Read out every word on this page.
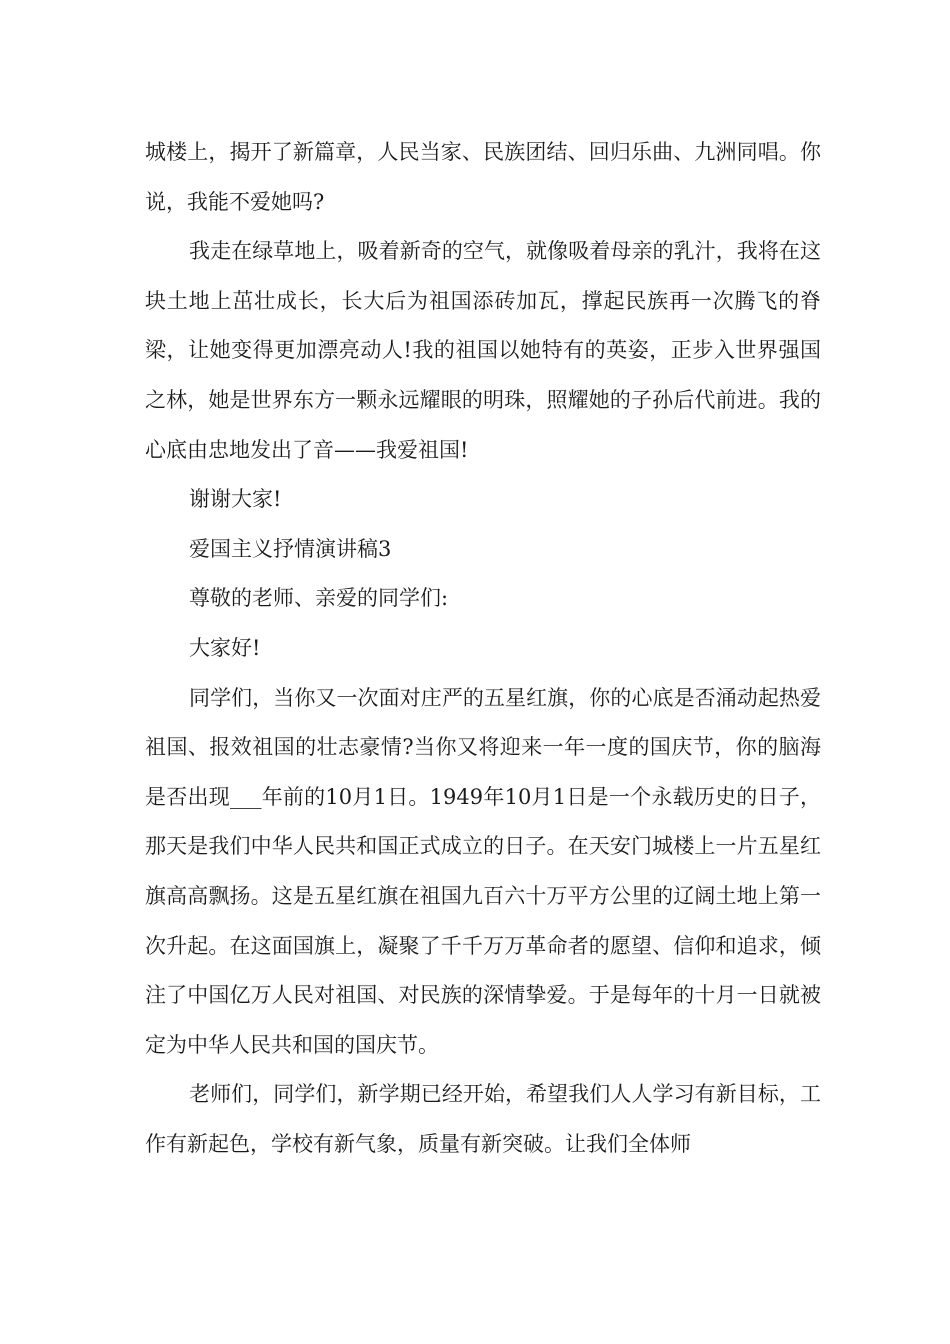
城楼上，揭开了新篇章，人民当家、民族团结、回归乐曲、九洲同唱。你说，我能不爱她吗?

我走在绿草地上，吸着新奇的空气，就像吸着母亲的乳汁，我将在这块土地上茁壮成长，长大后为祖国添砖加瓦，撑起民族再一次腾飞的脊梁，让她变得更加漂亮动人!我的祖国以她特有的英姿，正步入世界强国之林，她是世界东方一颗永远耀眼的明珠，照耀她的子孙后代前进。我的心底由忠地发出了音——我爱祖国!

谢谢大家!

爱国主义抒情演讲稿3

尊敬的老师、亲爱的同学们:

大家好!

同学们，当你又一次面对庄严的五星红旗，你的心底是否涌动起热爱祖国、报效祖国的壮志豪情?当你又将迎来一年一度的国庆节，你的脑海是否出现___年前的10月1日。1949年10月1日是一个永载历史的日子，那天是我们中华人民共和国正式成立的日子。在天安门城楼上一片五星红旗高高飘扬。这是五星红旗在祖国九百六十万平方公里的辽阔土地上第一次升起。在这面国旗上，凝聚了千千万万革命者的愿望、信仰和追求，倾注了中国亿万人民对祖国、对民族的深情挚爱。于是每年的十月一日就被定为中华人民共和国的国庆节。

老师们，同学们，新学期已经开始，希望我们人人学习有新目标，工作有新起色，学校有新气象，质量有新突破。让我们全体师
